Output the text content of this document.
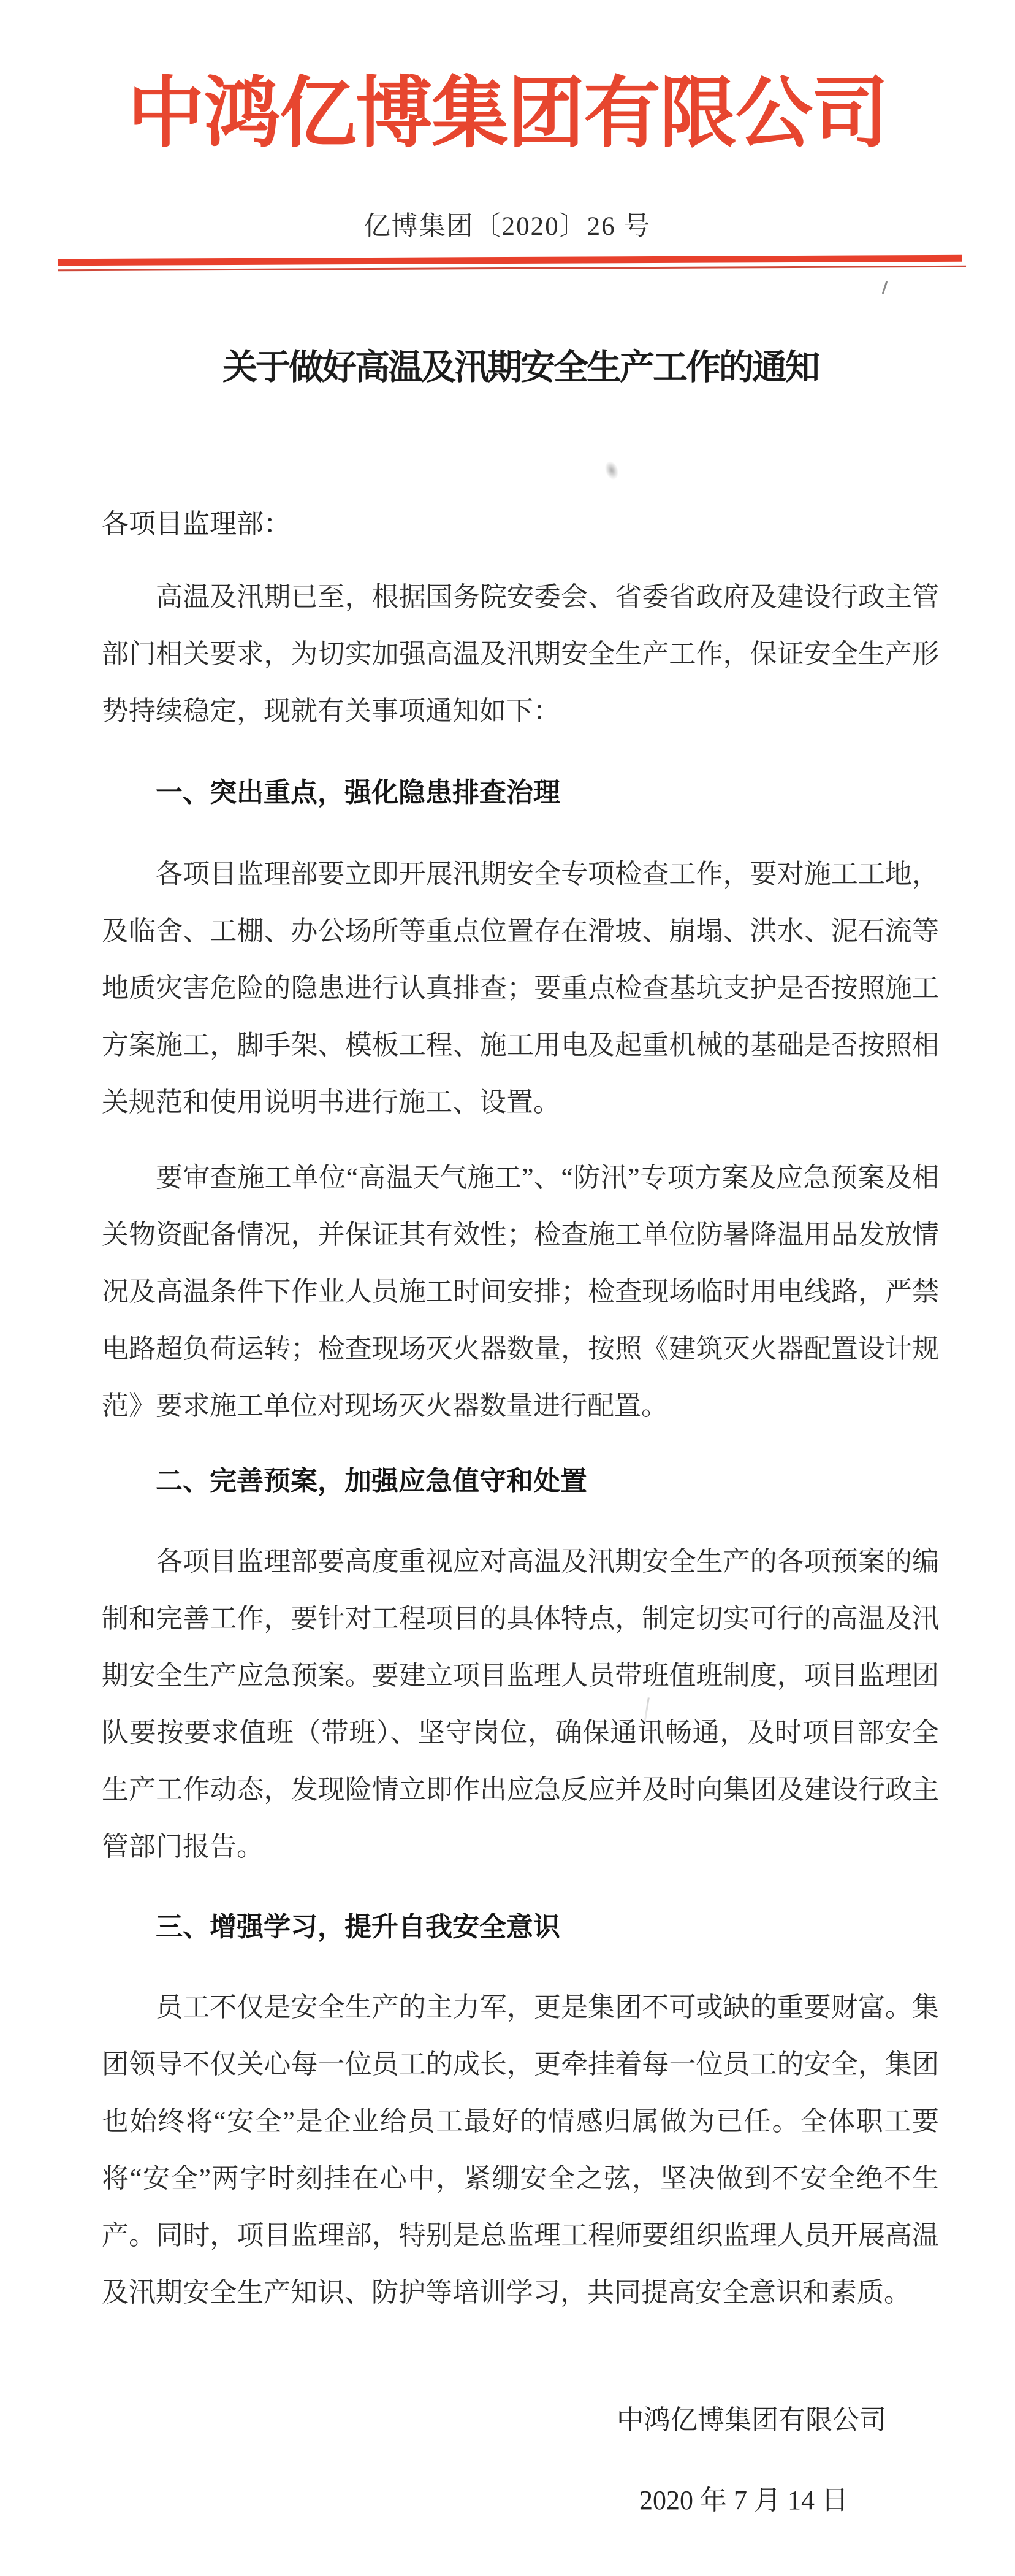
中鸿亿博集团有限公司
亿博集团〔2020〕26 号
关于做好高温及汛期安全生产工作的通知

各项目监理部：

高温及汛期已至，根据国务院安委会、省委省政府及建设行政主管部门相关要求，为切实加强高温及汛期安全生产工作，保证安全生产形势持续稳定，现就有关事项通知如下：

一、突出重点，强化隐患排查治理

各项目监理部要立即开展汛期安全专项检查工作，要对施工工地，及临舍、工棚、办公场所等重点位置存在滑坡、崩塌、洪水、泥石流等地质灾害危险的隐患进行认真排查；要重点检查基坑支护是否按照施工方案施工，脚手架、模板工程、施工用电及起重机械的基础是否按照相关规范和使用说明书进行施工、设置。

要审查施工单位“高温天气施工”、“防汛”专项方案及应急预案及相关物资配备情况，并保证其有效性；检查施工单位防暑降温用品发放情况及高温条件下作业人员施工时间安排；检查现场临时用电线路，严禁电路超负荷运转；检查现场灭火器数量，按照《建筑灭火器配置设计规范》要求施工单位对现场灭火器数量进行配置。

二、完善预案，加强应急值守和处置

各项目监理部要高度重视应对高温及汛期安全生产的各项预案的编制和完善工作，要针对工程项目的具体特点，制定切实可行的高温及汛期安全生产应急预案。要建立项目监理人员带班值班制度，项目监理团队要按要求值班（带班）、坚守岗位，确保通讯畅通，及时项目部安全生产工作动态，发现险情立即作出应急反应并及时向集团及建设行政主管部门报告。

三、增强学习，提升自我安全意识

员工不仅是安全生产的主力军，更是集团不可或缺的重要财富。集团领导不仅关心每一位员工的成长，更牵挂着每一位员工的安全，集团也始终将“安全”是企业给员工最好的情感归属做为已任。全体职工要将“安全”两字时刻挂在心中，紧绷安全之弦，坚决做到不安全绝不生产。同时，项目监理部，特别是总监理工程师要组织监理人员开展高温及汛期安全生产知识、防护等培训学习，共同提高安全意识和素质。

中鸿亿博集团有限公司
2020 年 7 月 14 日
